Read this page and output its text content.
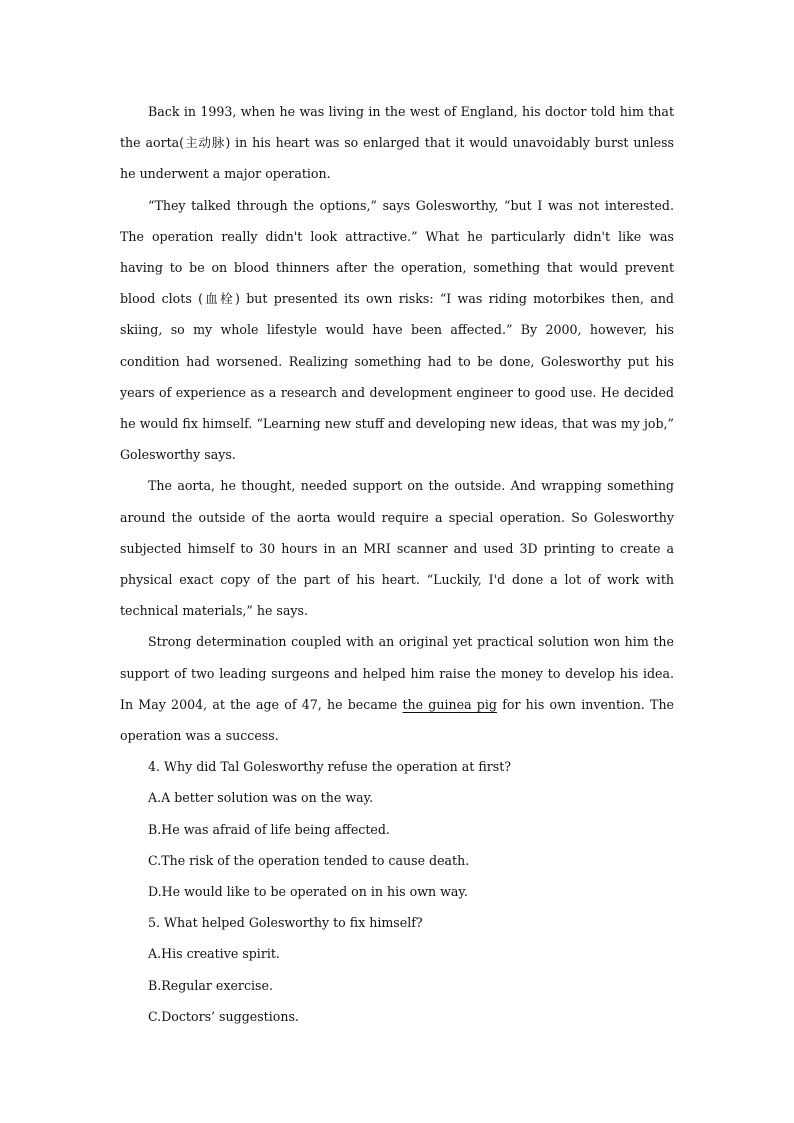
Back in 1993, when he was living in the west of England, his doctor told him that the aorta(主动脉) in his heart was so enlarged that it would unavoidably burst unless he underwent a major operation.

“They talked through the options,” says Golesworthy, “but I was not interested. The operation really didn't look attractive.” What he particularly didn't like was having to be on blood thinners after the operation, something that would prevent blood clots (血栓) but presented its own risks: “I was riding motorbikes then, and skiing, so my whole lifestyle would have been affected.” By 2000, however, his condition had worsened. Realizing something had to be done, Golesworthy put his years of experience as a research and development engineer to good use. He decided he would fix himself. “Learning new stuff and developing new ideas, that was my job,” Golesworthy says.

The aorta, he thought, needed support on the outside. And wrapping something around the outside of the aorta would require a special operation. So Golesworthy subjected himself to 30 hours in an MRI scanner and used 3D printing to create a physical exact copy of the part of his heart. “Luckily, I'd done a lot of work with technical materials,” he says.

Strong determination coupled with an original yet practical solution won him the support of two leading surgeons and helped him raise the money to develop his idea. In May 2004, at the age of 47, he became the guinea pig for his own invention. The operation was a success.

4. Why did Tal Golesworthy refuse the operation at first?

A.A better solution was on the way.

B.He was afraid of life being affected.

C.The risk of the operation tended to cause death.

D.He would like to be operated on in his own way.

5. What helped Golesworthy to fix himself?

A.His creative spirit.

B.Regular exercise.

C.Doctors’ suggestions.
